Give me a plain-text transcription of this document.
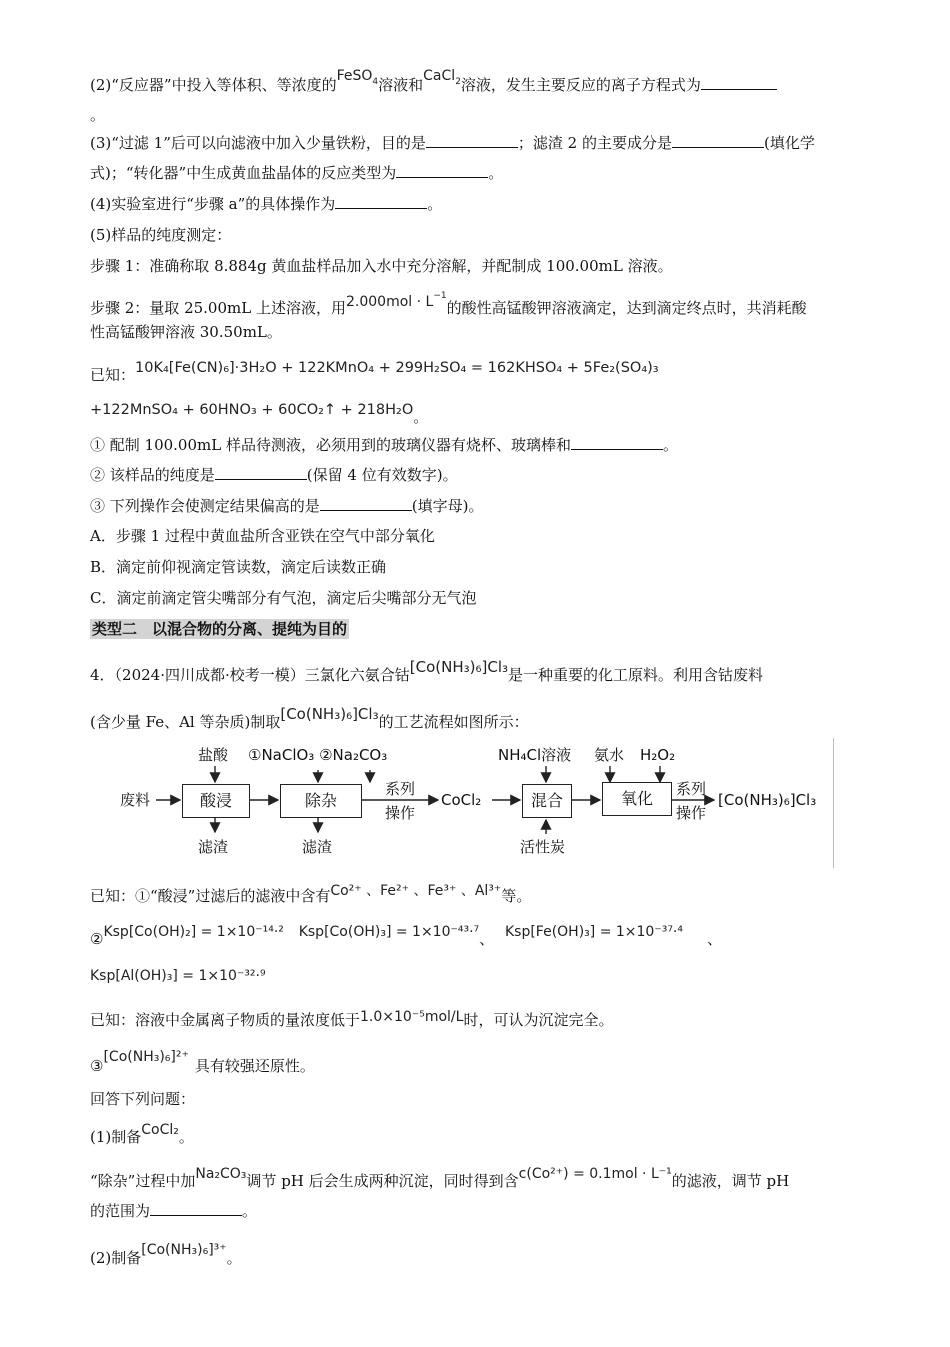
(2)“反应器”中投入等体积、等浓度的FeSO$_4$溶液和CaCl$_2$溶液，发生主要反应的离子方程式为
。
(3)“过滤 1”后可以向滤液中加入少量铁粉，目的是	；滤渣 2 的主要成分是	(填化学
式)；“转化器”中生成黄血盐晶体的反应类型为	。
(4)实验室进行“步骤 a”的具体操作为	。
(5)样品的纯度测定：
步骤 1：准确称取 8.884g 黄血盐样品加入水中充分溶解，并配制成 100.00mL 溶液。
步骤 2：量取 25.00mL 上述溶液，用$2.000mol \cdot L^{-1}$的酸性高锰酸钾溶液滴定，达到滴定终点时，共消耗酸
性高锰酸钾溶液 30.50mL。
已知：10K₄[Fe(CN)₆]·3H₂O + 122KMnO₄ + 299H₂SO₄ = 162KHSO₄ + 5Fe₂(SO₄)₃
+122MnSO₄ + 60HNO₃ + 60CO₂↑ + 218H₂O。
① 配制 100.00mL 样品待测液，必须用到的玻璃仪器有烧杯、玻璃棒和	。
② 该样品的纯度是	(保留 4 位有效数字)。
③ 下列操作会使测定结果偏高的是	(填字母)。
A．步骤 1 过程中黄血盐所含亚铁在空气中部分氧化
B．滴定前仰视滴定管读数，滴定后读数正确
C．滴定前滴定管尖嘴部分有气泡，滴定后尖嘴部分无气泡
类型二　以混合物的分离、提纯为目的
4．（2024·四川成都·校考一模）三氯化六氨合钴[Co(NH₃)₆]Cl₃是一种重要的化工原料。利用含钴废料
(含少量 Fe、Al 等杂质)制取[Co(NH₃)₆]Cl₃的工艺流程如图所示：
废料
盐酸
酸浸
滤渣
①NaClO₃ ②Na₂CO₃
除杂
滤渣
系列
操作
CoCl₂
NH₄Cl溶液
混合
活性炭
氨水 H₂O₂
氧化	系列
操作
[Co(NH₃)₆]Cl₃
已知：①“酸浸”过滤后的滤液中含有Co²⁺ 、Fe²⁺ 、Fe³⁺ 、Al³⁺等。
②Ksp[Co(OH)₂] = 1×10⁻¹⁴·² Ksp[Co(OH)₃] = 1×10⁻⁴³·⁷、 Ksp[Fe(OH)₃] = 1×10⁻³⁷·⁴ 、
Ksp[Al(OH)₃] = 1×10⁻³²·⁹
已知：溶液中金属离子物质的量浓度低于1.0×10⁻⁵mol/L时，可认为沉淀完全。
③[Co(NH₃)₆]²⁺ 具有较强还原性。
回答下列问题：
(1)制备CoCl₂。
“除杂”过程中加Na₂CO₃调节 pH 后会生成两种沉淀，同时得到含c(Co²⁺) = 0.1mol · L⁻¹的滤液，调节 pH
的范围为	。
(2)制备[Co(NH₃)₆]³⁺。
